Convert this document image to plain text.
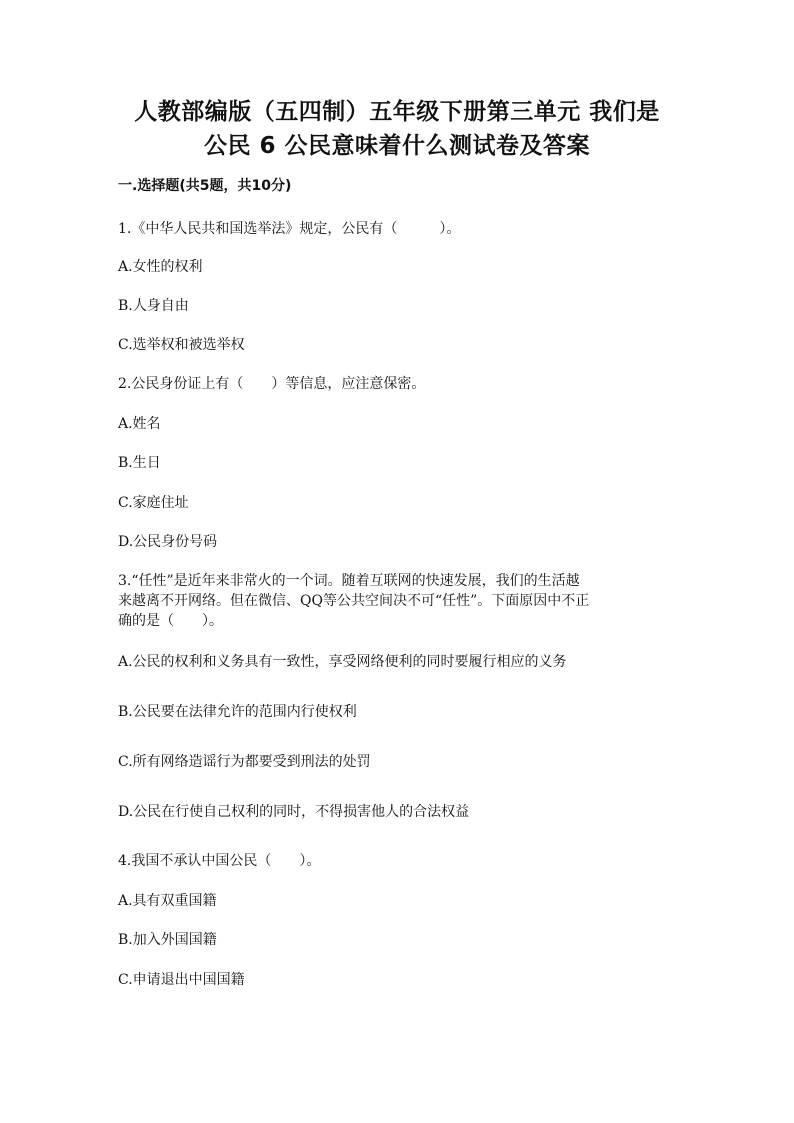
人教部编版（五四制）五年级下册第三单元 我们是
公民 6 公民意味着什么测试卷及答案
一.选择题(共5题，共10分)
1.《中华人民共和国选举法》规定，公民有（　　　）。
A.女性的权利
B.人身自由
C.选举权和被选举权
2.公民身份证上有（　　）等信息，应注意保密。
A.姓名
B.生日
C.家庭住址
D.公民身份号码
3.“任性”是近年来非常火的一个词。随着互联网的快速发展，我们的生活越
来越离不开网络。但在微信、QQ等公共空间决不可“任性”。下面原因中不正
确的是（　　）。
A.公民的权利和义务具有一致性，享受网络便利的同时要履行相应的义务
B.公民要在法律允许的范围内行使权利
C.所有网络造谣行为都要受到刑法的处罚
D.公民在行使自己权利的同时，不得损害他人的合法权益
4.我国不承认中国公民（　　）。
A.具有双重国籍
B.加入外国国籍
C.申请退出中国国籍
